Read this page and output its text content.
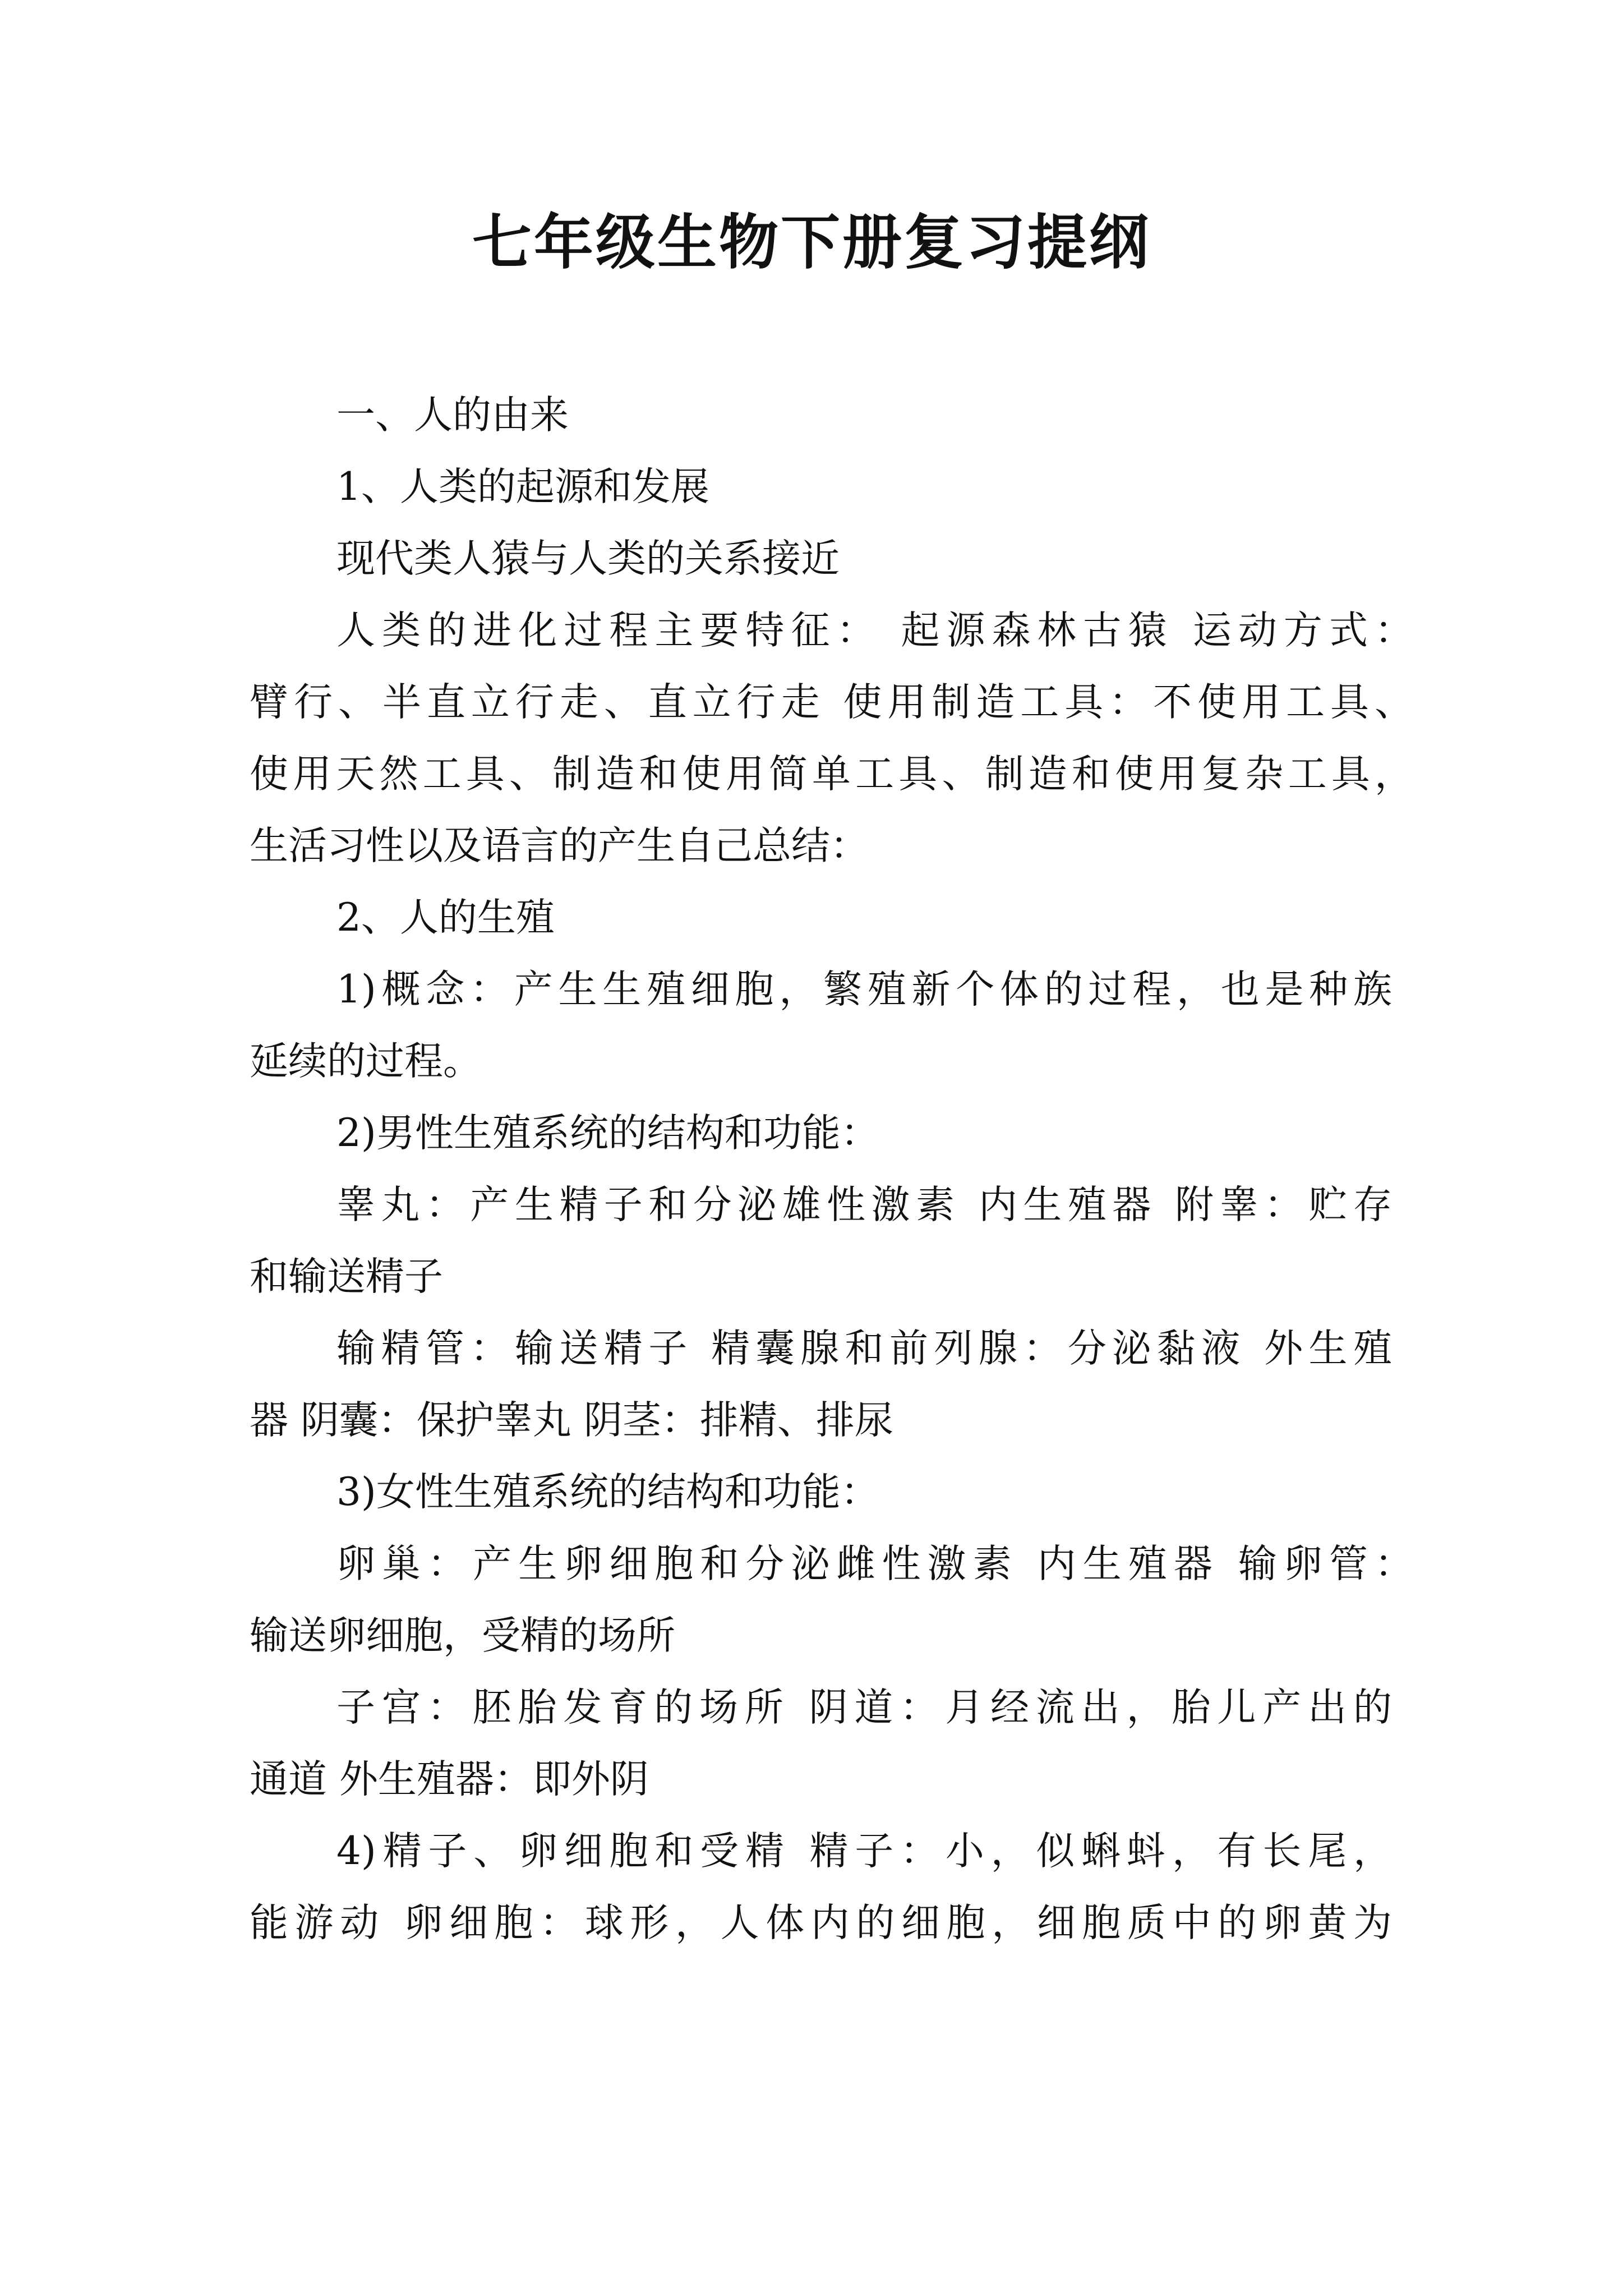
七年级生物下册复习提纲
一、人的由来
1、人类的起源和发展
现代类人猿与人类的关系接近
人类的进化过程主要特征： 起源森林古猿 运动方式：
臂行、半直立行走、直立行走 使用制造工具：不使用工具、
使用天然工具、制造和使用简单工具、制造和使用复杂工具，
生活习性以及语言的产生自己总结：
2、人的生殖
1)概念：产生生殖细胞，繁殖新个体的过程，也是种族
延续的过程。
2)男性生殖系统的结构和功能：
睾丸：产生精子和分泌雄性激素 内生殖器 附睾：贮存
和输送精子
输精管：输送精子 精囊腺和前列腺：分泌黏液 外生殖
器 阴囊：保护睾丸 阴茎：排精、排尿
3)女性生殖系统的结构和功能：
卵巢：产生卵细胞和分泌雌性激素 内生殖器 输卵管：
输送卵细胞，受精的场所
子宫：胚胎发育的场所 阴道：月经流出，胎儿产出的
通道 外生殖器：即外阴
4)精子、卵细胞和受精 精子：小，似蝌蚪，有长尾，
能游动 卵细胞：球形，人体内的细胞，细胞质中的卵黄为
